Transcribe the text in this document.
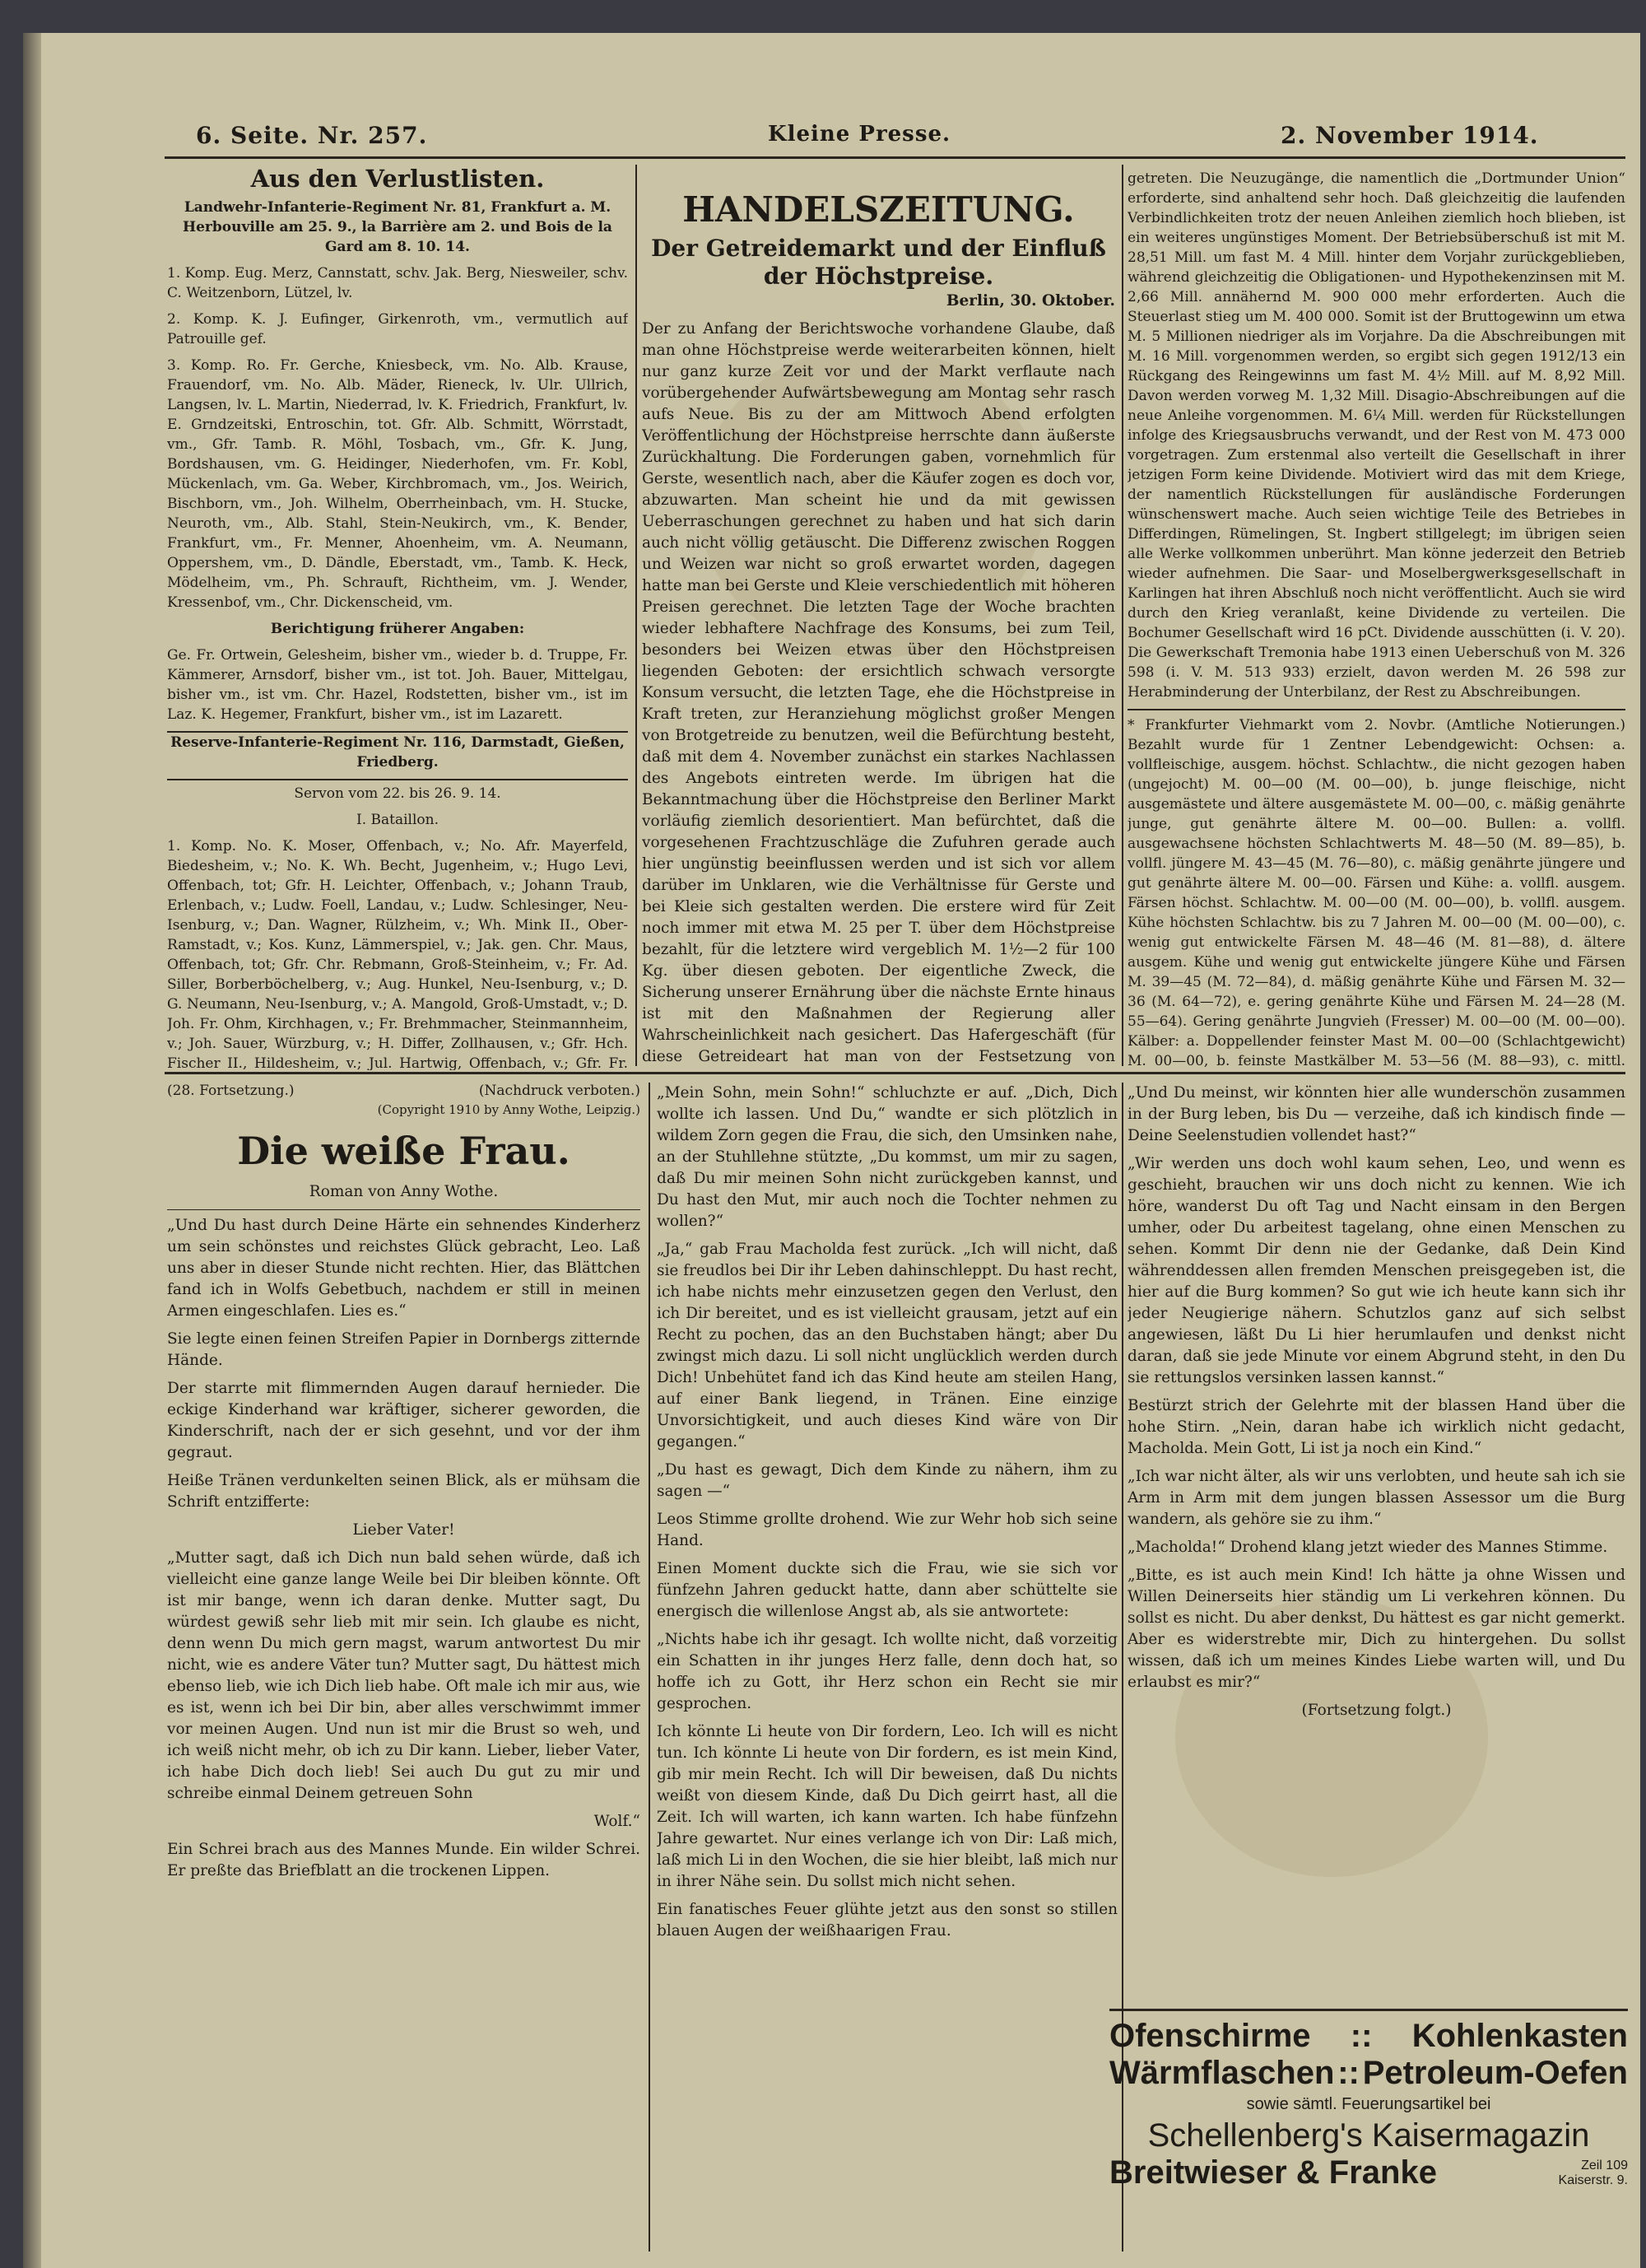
6. Seite. Nr. 257.	Kleine Presse.	2. November 1914.
Aus den Verlustlisten.

Landwehr-Infanterie-Regiment Nr. 81, Frankfurt a. M. Herbouville am 25. 9., la Barrière am 2. und Bois de la Gard am 8. 10. 14.

1. Komp. Eug. Merz, Cannstatt, schv. Jak. Berg, Niesweiler, schv. C. Weitzenborn, Lützel, lv.

2. Komp. K. J. Eufinger, Girkenroth, vm., vermutlich auf Patrouille gef.

3. Komp. Ro. Fr. Gerche, Kniesbeck, vm. No. Alb. Krause, Frauendorf, vm. No. Alb. Mäder, Rieneck, lv. Ulr. Ullrich, Langsen, lv. L. Martin, Niederrad, lv. K. Friedrich, Frankfurt, lv. E. Grndzeitski, Entroschin, tot. Gfr. Alb. Schmitt, Wörrstadt, vm., Gfr. Tamb. R. Möhl, Tosbach, vm., Gfr. K. Jung, Bordshausen, vm. G. Heidinger, Niederhofen, vm. Fr. Kobl, Mückenlach, vm. Ga. Weber, Kirchbromach, vm., Jos. Weirich, Bischborn, vm., Joh. Wilhelm, Oberrheinbach, vm. H. Stucke, Neuroth, vm., Alb. Stahl, Stein-Neukirch, vm., K. Bender, Frankfurt, vm., Fr. Menner, Ahoenheim, vm. A. Neumann, Oppershem, vm., D. Dändle, Eberstadt, vm., Tamb. K. Heck, Mödelheim, vm., Ph. Schrauft, Richtheim, vm. J. Wender, Kressenbof, vm., Chr. Dickenscheid, vm.

Berichtigung früherer Angaben:

Ge. Fr. Ortwein, Gelesheim, bisher vm., wieder b. d. Truppe, Fr. Kämmerer, Arnsdorf, bisher vm., ist tot. Joh. Bauer, Mittelgau, bisher vm., ist vm. Chr. Hazel, Rodstetten, bisher vm., ist im Laz. K. Hegemer, Frankfurt, bisher vm., ist im Lazarett.

Reserve-Infanterie-Regiment Nr. 116, Darmstadt, Gießen, Friedberg.

Servon vom 22. bis 26. 9. 14.

I. Bataillon.

1. Komp. No. K. Moser, Offenbach, v.; No. Afr. Mayerfeld, Biedesheim, v.; No. K. Wh. Becht, Jugenheim, v.; Hugo Levi, Offenbach, tot; Gfr. H. Leichter, Offenbach, v.; Johann Traub, Erlenbach, v.; Ludw. Foell, Landau, v.; Ludw. Schlesinger, Neu-Isenburg, v.; Dan. Wagner, Rülzheim, v.; Wh. Mink II., Ober-Ramstadt, v.; Kos. Kunz, Lämmerspiel, v.; Jak. gen. Chr. Maus, Offenbach, tot; Gfr. Chr. Rebmann, Groß-Steinheim, v.; Fr. Ad. Siller, Borberböchelberg, v.; Aug. Hunkel, Neu-Isenburg, v.; D. G. Neumann, Neu-Isenburg, v.; A. Mangold, Groß-Umstadt, v.; D. Joh. Fr. Ohm, Kirchhagen, v.; Fr. Brehmmacher, Steinmannheim, v.; Joh. Sauer, Würzburg, v.; H. Differ, Zollhausen, v.; Gfr. Hch. Fischer II., Hildesheim, v.; Jul. Hartwig, Offenbach, v.; Gfr. Fr.

HANDELSZEITUNG.
Der Getreidemarkt und der Einfluß der Höchstpreise.

Berlin, 30. Oktober.

Der zu Anfang der Berichtswoche vorhandene Glaube, daß man ohne Höchstpreise werde weiterarbeiten können, hielt nur ganz kurze Zeit vor und der Markt verflaute nach vorübergehender Aufwärtsbewegung am Montag sehr rasch aufs Neue. Bis zu der am Mittwoch Abend erfolgten Veröffentlichung der Höchstpreise herrschte dann äußerste Zurückhaltung. Die Forderungen gaben, vornehmlich für Gerste, wesentlich nach, aber die Käufer zogen es doch vor, abzuwarten. Man scheint hie und da mit gewissen Ueberraschungen gerechnet zu haben und hat sich darin auch nicht völlig getäuscht. Die Differenz zwischen Roggen und Weizen war nicht so groß erwartet worden, dagegen hatte man bei Gerste und Kleie verschiedentlich mit höheren Preisen gerechnet. Die letzten Tage der Woche brachten wieder lebhaftere Nachfrage des Konsums, bei zum Teil, besonders bei Weizen etwas über den Höchstpreisen liegenden Geboten: der ersichtlich schwach versorgte Konsum versucht, die letzten Tage, ehe die Höchstpreise in Kraft treten, zur Heranziehung möglichst großer Mengen von Brotgetreide zu benutzen, weil die Befürchtung besteht, daß mit dem 4. November zunächst ein starkes Nachlassen des Angebots eintreten werde. Im übrigen hat die Bekanntmachung über die Höchstpreise den Berliner Markt vorläufig ziemlich desorientiert. Man befürchtet, daß die vorgesehenen Frachtzuschläge die Zufuhren gerade auch hier ungünstig beeinflussen werden und ist sich vor allem darüber im Unklaren, wie die Verhältnisse für Gerste und bei Kleie sich gestalten werden. Die erstere wird für Zeit noch immer mit etwa M. 25 per T. über dem Höchstpreise bezahlt, für die letztere wird vergeblich M. 1½—2 für 100 Kg. über diesen geboten. Der eigentliche Zweck, die Sicherung unserer Ernährung über die nächste Ernte hinaus ist mit den Maßnahmen der Regierung aller Wahrscheinlichkeit nach gesichert. Das Hafergeschäft (für diese Getreideart hat man von der Festsetzung von

getreten. Die Neuzugänge, die namentlich die „Dortmunder Union“ erforderte, sind anhaltend sehr hoch. Daß gleichzeitig die laufenden Verbindlichkeiten trotz der neuen Anleihen ziemlich hoch blieben, ist ein weiteres ungünstiges Moment. Der Betriebsüberschuß ist mit M. 28,51 Mill. um fast M. 4 Mill. hinter dem Vorjahr zurückgeblieben, während gleichzeitig die Obligationen- und Hypothekenzinsen mit M. 2,66 Mill. annähernd M. 900 000 mehr erforderten. Auch die Steuerlast stieg um M. 400 000. Somit ist der Bruttogewinn um etwa M. 5 Millionen niedriger als im Vorjahre. Da die Abschreibungen mit M. 16 Mill. vorgenommen werden, so ergibt sich gegen 1912/13 ein Rückgang des Reingewinns um fast M. 4½ Mill. auf M. 8,92 Mill. Davon werden vorweg M. 1,32 Mill. Disagio-Abschreibungen auf die neue Anleihe vorgenommen. M. 6¼ Mill. werden für Rückstellungen infolge des Kriegsausbruchs verwandt, und der Rest von M. 473 000 vorgetragen. Zum erstenmal also verteilt die Gesellschaft in ihrer jetzigen Form keine Dividende. Motiviert wird das mit dem Kriege, der namentlich Rückstellungen für ausländische Forderungen wünschenswert mache. Auch seien wichtige Teile des Betriebes in Differdingen, Rümelingen, St. Ingbert stillgelegt; im übrigen seien alle Werke vollkommen unberührt. Man könne jederzeit den Betrieb wieder aufnehmen. Die Saar- und Moselbergwerksgesellschaft in Karlingen hat ihren Abschluß noch nicht veröffentlicht. Auch sie wird durch den Krieg veranlaßt, keine Dividende zu verteilen. Die Bochumer Gesellschaft wird 16 pCt. Dividende ausschütten (i. V. 20). Die Gewerkschaft Tremonia habe 1913 einen Ueberschuß von M. 326 598 (i. V. M. 513 933) erzielt, davon werden M. 26 598 zur Herabminderung der Unterbilanz, der Rest zu Abschreibungen.

* Frankfurter Viehmarkt vom 2. Novbr. (Amtliche Notierungen.) Bezahlt wurde für 1 Zentner Lebendgewicht: Ochsen: a. vollfleischige, ausgem. höchst. Schlachtw., die nicht gezogen haben (ungejocht) M. 00—00 (M. 00—00), b. junge fleischige, nicht ausgemästete und ältere ausgemästete M. 00—00, c. mäßig genährte junge, gut genährte ältere M. 00—00. Bullen: a. vollfl. ausgewachsene höchsten Schlachtwerts M. 48—50 (M. 89—85), b. vollfl. jüngere M. 43—45 (M. 76—80), c. mäßig genährte jüngere und gut genährte ältere M. 00—00. Färsen und Kühe: a. vollfl. ausgem. Färsen höchst. Schlachtw. M. 00—00 (M. 00—00), b. vollfl. ausgem. Kühe höchsten Schlachtw. bis zu 7 Jahren M. 00—00 (M. 00—00), c. wenig gut entwickelte Färsen M. 48—46 (M. 81—88), d. ältere ausgem. Kühe und wenig gut entwickelte jüngere Kühe und Färsen M. 39—45 (M. 72—84), d. mäßig genährte Kühe und Färsen M. 32—36 (M. 64—72), e. gering genährte Kühe und Färsen M. 24—28 (M. 55—64). Gering genährte Jungvieh (Fresser) M. 00—00 (M. 00—00). Kälber: a. Doppellender feinster Mast M. 00—00 (Schlachtgewicht) M. 00—00, b. feinste Mastkälber M. 53—56 (M. 88—93), c. mittl.

(28. Fortsetzung.)	(Nachdruck verboten.)

(Copyright 1910 by Anny Wothe, Leipzig.)

Die weiße Frau.

Roman von Anny Wothe.

„Und Du hast durch Deine Härte ein sehnendes Kinderherz um sein schönstes und reichstes Glück gebracht, Leo. Laß uns aber in dieser Stunde nicht rechten. Hier, das Blättchen fand ich in Wolfs Gebetbuch, nachdem er still in meinen Armen eingeschlafen. Lies es.“

Sie legte einen feinen Streifen Papier in Dornbergs zitternde Hände.

Der starrte mit flimmernden Augen darauf hernieder. Die eckige Kinderhand war kräftiger, sicherer geworden, die Kinderschrift, nach der er sich gesehnt, und vor der ihm gegraut.

Heiße Tränen verdunkelten seinen Blick, als er mühsam die Schrift entzifferte:

Lieber Vater!

„Mutter sagt, daß ich Dich nun bald sehen würde, daß ich vielleicht eine ganze lange Weile bei Dir bleiben könnte. Oft ist mir bange, wenn ich daran denke. Mutter sagt, Du würdest gewiß sehr lieb mit mir sein. Ich glaube es nicht, denn wenn Du mich gern magst, warum antwortest Du mir nicht, wie es andere Väter tun? Mutter sagt, Du hättest mich ebenso lieb, wie ich Dich lieb habe. Oft male ich mir aus, wie es ist, wenn ich bei Dir bin, aber alles verschwimmt immer vor meinen Augen. Und nun ist mir die Brust so weh, und ich weiß nicht mehr, ob ich zu Dir kann. Lieber, lieber Vater, ich habe Dich doch lieb! Sei auch Du gut zu mir und schreibe einmal Deinem getreuen Sohn

Wolf.“

Ein Schrei brach aus des Mannes Munde. Ein wilder Schrei. Er preßte das Briefblatt an die trockenen Lippen.

„Mein Sohn, mein Sohn!“ schluchzte er auf. „Dich, Dich wollte ich lassen. Und Du,“ wandte er sich plötzlich in wildem Zorn gegen die Frau, die sich, den Umsinken nahe, an der Stuhllehne stützte, „Du kommst, um mir zu sagen, daß Du mir meinen Sohn nicht zurückgeben kannst, und Du hast den Mut, mir auch noch die Tochter nehmen zu wollen?“

„Ja,“ gab Frau Macholda fest zurück. „Ich will nicht, daß sie freudlos bei Dir ihr Leben dahinschleppt. Du hast recht, ich habe nichts mehr einzusetzen gegen den Verlust, den ich Dir bereitet, und es ist vielleicht grausam, jetzt auf ein Recht zu pochen, das an den Buchstaben hängt; aber Du zwingst mich dazu. Li soll nicht unglücklich werden durch Dich! Unbehütet fand ich das Kind heute am steilen Hang, auf einer Bank liegend, in Tränen. Eine einzige Unvorsichtigkeit, und auch dieses Kind wäre von Dir gegangen.“

„Du hast es gewagt, Dich dem Kinde zu nähern, ihm zu sagen —“

Leos Stimme grollte drohend. Wie zur Wehr hob sich seine Hand.

Einen Moment duckte sich die Frau, wie sie sich vor fünfzehn Jahren geduckt hatte, dann aber schüttelte sie energisch die willenlose Angst ab, als sie antwortete:

„Nichts habe ich ihr gesagt. Ich wollte nicht, daß vorzeitig ein Schatten in ihr junges Herz falle, denn doch hat, so hoffe ich zu Gott, ihr Herz schon ein Recht sie mir gesprochen.

Ich könnte Li heute von Dir fordern, Leo. Ich will es nicht tun. Ich könnte Li heute von Dir fordern, es ist mein Kind, gib mir mein Recht. Ich will Dir beweisen, daß Du nichts weißt von diesem Kinde, daß Du Dich geirrt hast, all die Zeit. Ich will warten, ich kann warten. Ich habe fünfzehn Jahre gewartet. Nur eines verlange ich von Dir: Laß mich, laß mich Li in den Wochen, die sie hier bleibt, laß mich nur in ihrer Nähe sein. Du sollst mich nicht sehen.

Ein fanatisches Feuer glühte jetzt aus den sonst so stillen blauen Augen der weißhaarigen Frau.

„Und Du meinst, wir könnten hier alle wunderschön zusammen in der Burg leben, bis Du — verzeihe, daß ich kindisch finde — Deine Seelenstudien vollendet hast?“

„Wir werden uns doch wohl kaum sehen, Leo, und wenn es geschieht, brauchen wir uns doch nicht zu kennen. Wie ich höre, wanderst Du oft Tag und Nacht einsam in den Bergen umher, oder Du arbeitest tagelang, ohne einen Menschen zu sehen. Kommt Dir denn nie der Gedanke, daß Dein Kind währenddessen allen fremden Menschen preisgegeben ist, die hier auf die Burg kommen? So gut wie ich heute kann sich ihr jeder Neugierige nähern. Schutzlos ganz auf sich selbst angewiesen, läßt Du Li hier herumlaufen und denkst nicht daran, daß sie jede Minute vor einem Abgrund steht, in den Du sie rettungslos versinken lassen kannst.“

Bestürzt strich der Gelehrte mit der blassen Hand über die hohe Stirn. „Nein, daran habe ich wirklich nicht gedacht, Macholda. Mein Gott, Li ist ja noch ein Kind.“

„Ich war nicht älter, als wir uns verlobten, und heute sah ich sie Arm in Arm mit dem jungen blassen Assessor um die Burg wandern, als gehöre sie zu ihm.“

„Macholda!“ Drohend klang jetzt wieder des Mannes Stimme.

„Bitte, es ist auch mein Kind! Ich hätte ja ohne Wissen und Willen Deinerseits hier ständig um Li verkehren können. Du sollst es nicht. Du aber denkst, Du hättest es gar nicht gemerkt. Aber es widerstrebte mir, Dich zu hintergehen. Du sollst wissen, daß ich um meines Kindes Liebe warten will, und Du erlaubst es mir?“

(Fortsetzung folgt.)

Ofenschirme :: Kohlenkasten
Wärmflaschen :: Petroleum-Oefen
sowie sämtl. Feuerungsartikel bei
Schellenberg's Kaisermagazin
Breitwieser & Franke	Zeil 109 Kaiserstr. 9.
